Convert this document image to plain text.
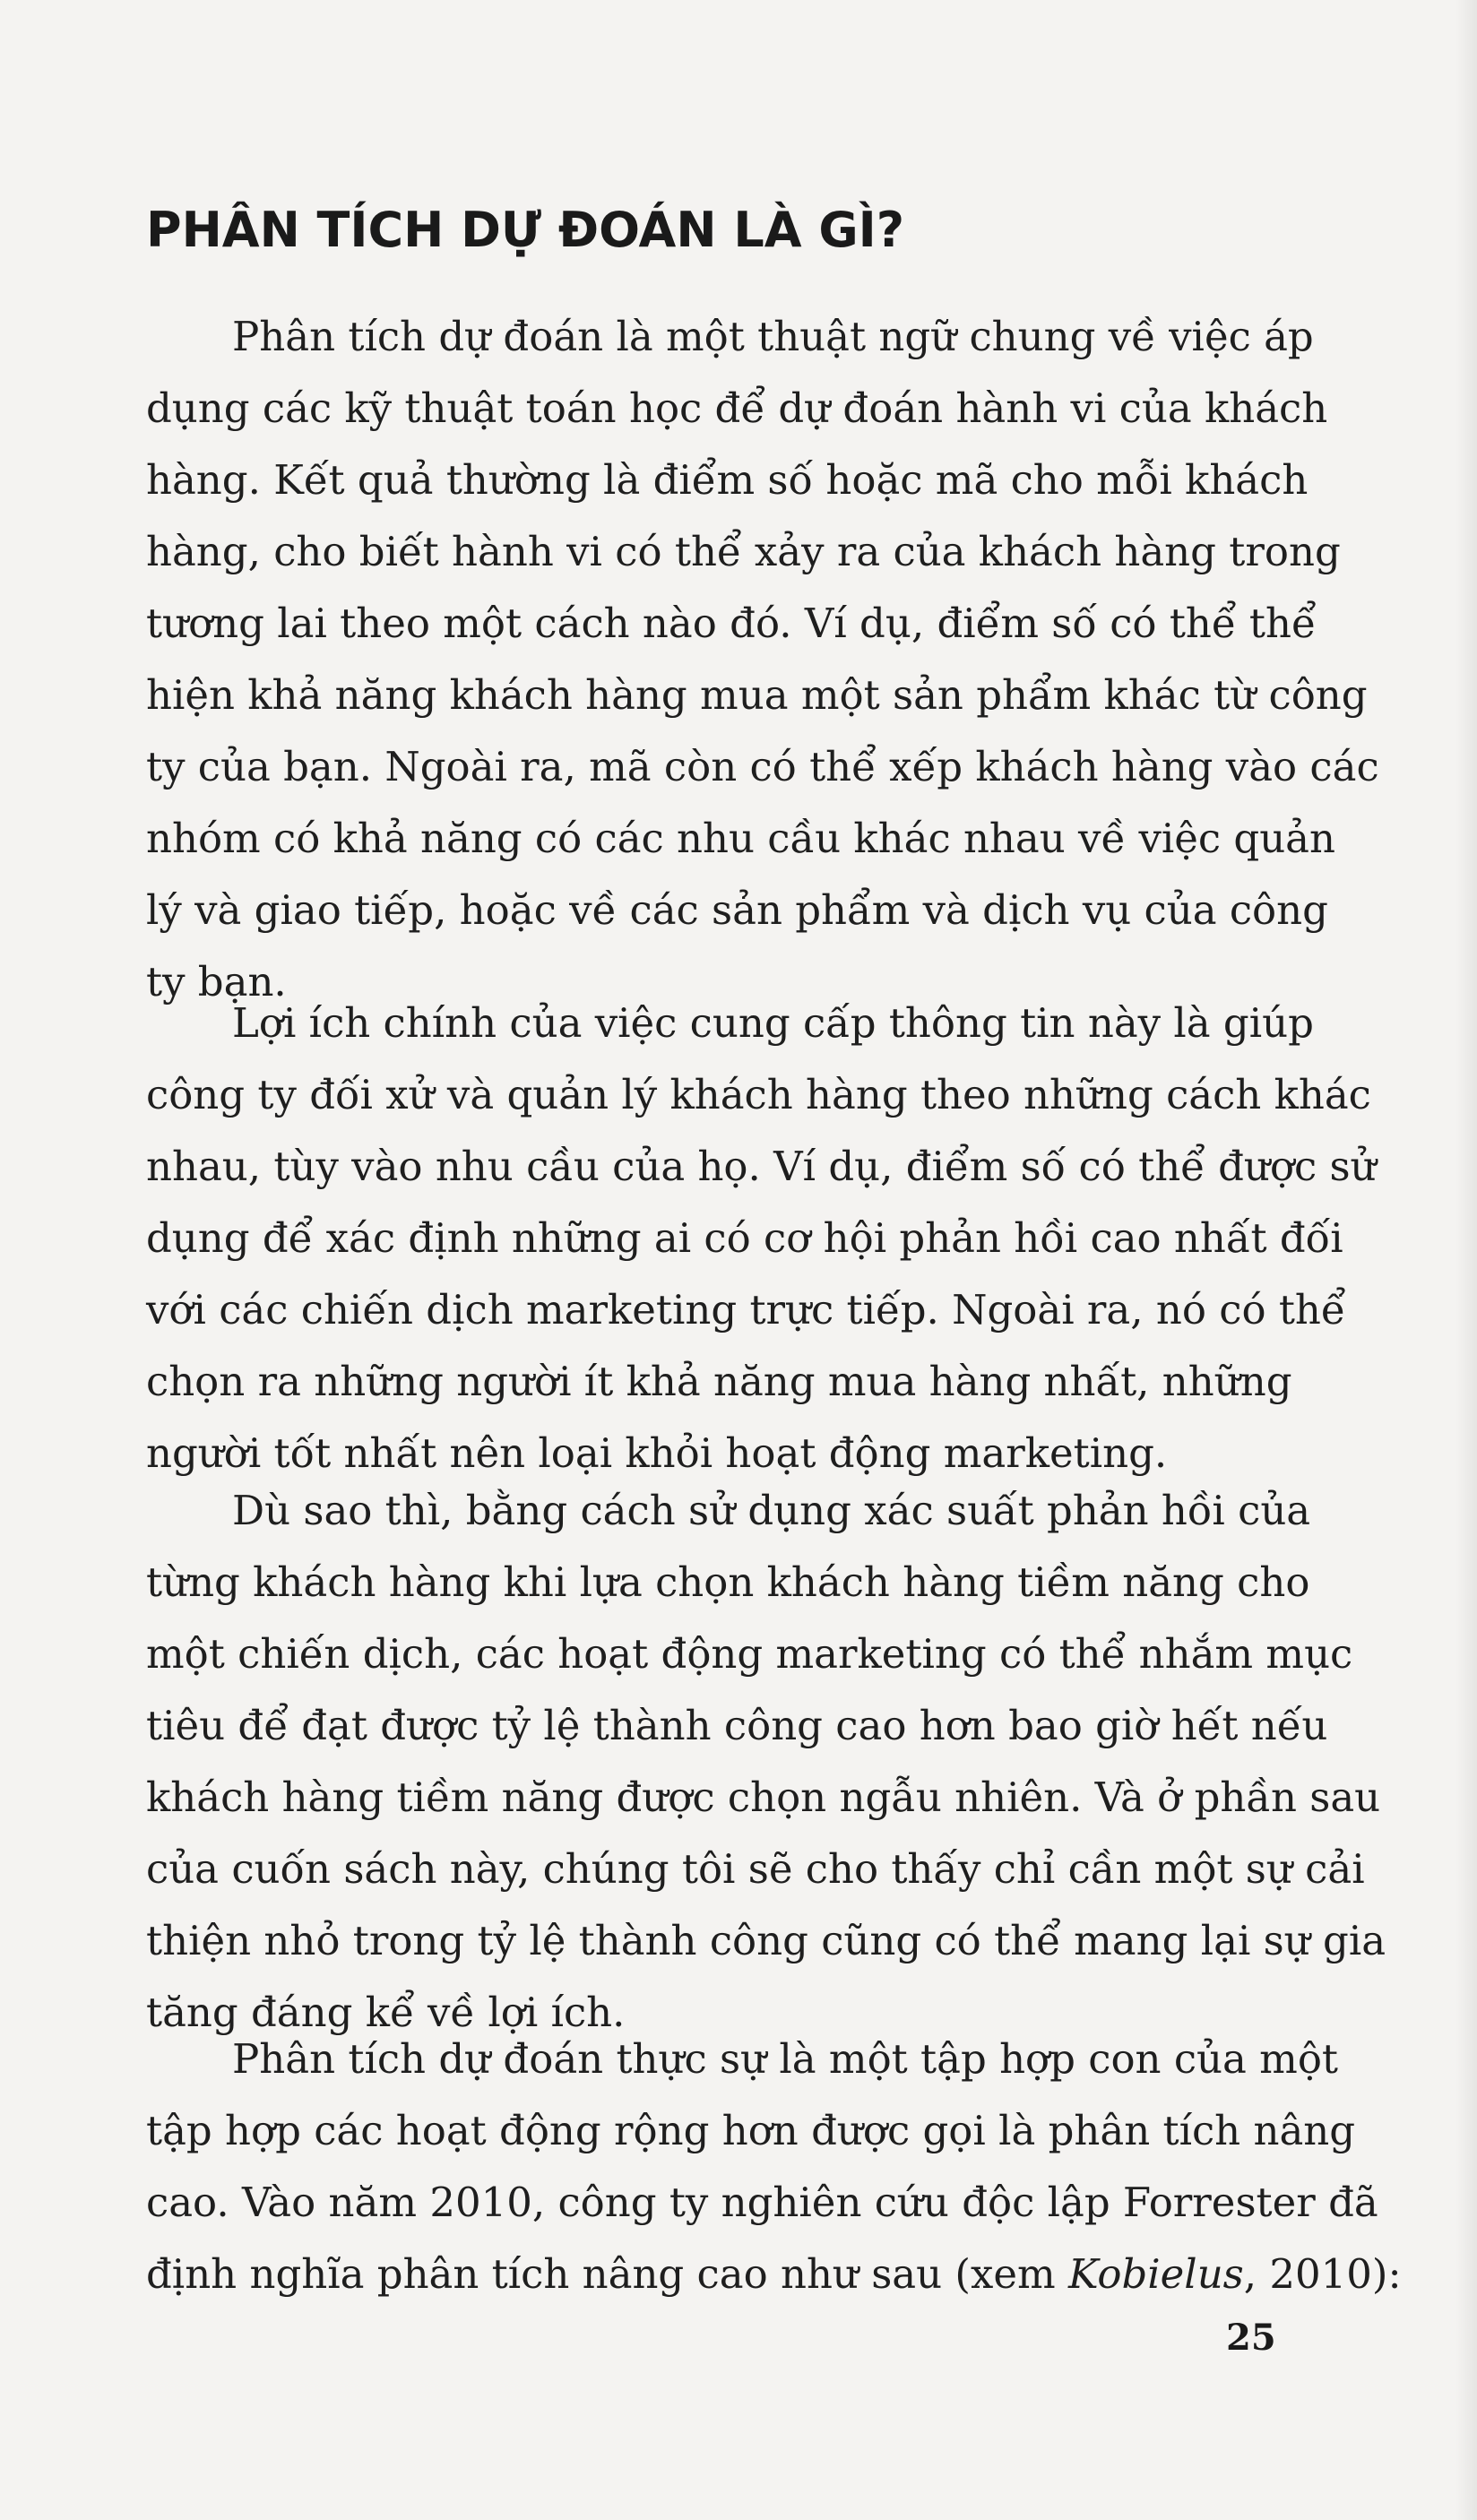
PHÂN TÍCH DỰ ĐOÁN LÀ GÌ?
Phân tích dự đoán là một thuật ngữ chung về việc áp
dụng các kỹ thuật toán học để dự đoán hành vi của khách
hàng. Kết quả thường là điểm số hoặc mã cho mỗi khách
hàng, cho biết hành vi có thể xảy ra của khách hàng trong
tương lai theo một cách nào đó. Ví dụ, điểm số có thể thể
hiện khả năng khách hàng mua một sản phẩm khác từ công
ty của bạn. Ngoài ra, mã còn có thể xếp khách hàng vào các
nhóm có khả năng có các nhu cầu khác nhau về việc quản
lý và giao tiếp, hoặc về các sản phẩm và dịch vụ của công
ty bạn.
Lợi ích chính của việc cung cấp thông tin này là giúp
công ty đối xử và quản lý khách hàng theo những cách khác
nhau, tùy vào nhu cầu của họ. Ví dụ, điểm số có thể được sử
dụng để xác định những ai có cơ hội phản hồi cao nhất đối
với các chiến dịch marketing trực tiếp. Ngoài ra, nó có thể
chọn ra những người ít khả năng mua hàng nhất, những
người tốt nhất nên loại khỏi hoạt động marketing.
Dù sao thì, bằng cách sử dụng xác suất phản hồi của
từng khách hàng khi lựa chọn khách hàng tiềm năng cho
một chiến dịch, các hoạt động marketing có thể nhắm mục
tiêu để đạt được tỷ lệ thành công cao hơn bao giờ hết nếu
khách hàng tiềm năng được chọn ngẫu nhiên. Và ở phần sau
của cuốn sách này, chúng tôi sẽ cho thấy chỉ cần một sự cải
thiện nhỏ trong tỷ lệ thành công cũng có thể mang lại sự gia
tăng đáng kể về lợi ích.
Phân tích dự đoán thực sự là một tập hợp con của một
tập hợp các hoạt động rộng hơn được gọi là phân tích nâng
cao. Vào năm 2010, công ty nghiên cứu độc lập Forrester đã
định nghĩa phân tích nâng cao như sau (xem Kobielus, 2010):
25
